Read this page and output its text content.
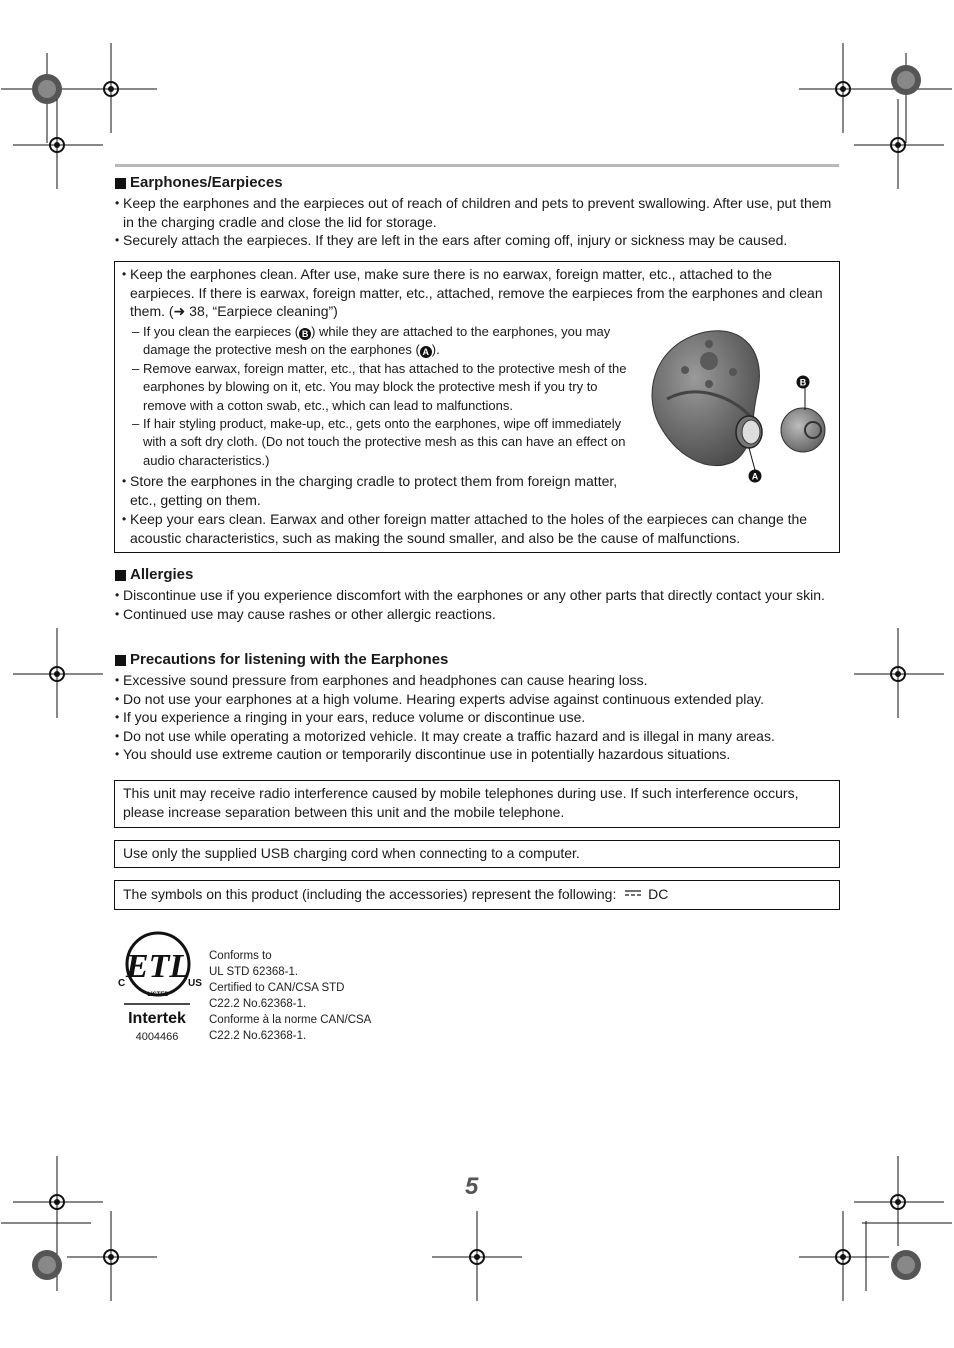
Earphones/Earpieces
• Keep the earphones and the earpieces out of reach of children and pets to prevent swallowing. After use, put them in the charging cradle and close the lid for storage.
• Securely attach the earpieces. If they are left in the ears after coming off, injury or sickness may be caused.
• Keep the earphones clean. After use, make sure there is no earwax, foreign matter, etc., attached to the earpieces. If there is earwax, foreign matter, etc., attached, remove the earpieces from the earphones and clean them. (➜ 38, “Earpiece cleaning”)
– If you clean the earpieces ( B ) while they are attached to the earphones, you may damage the protective mesh on the earphones ( A ).
– Remove earwax, foreign matter, etc., that has attached to the protective mesh of the earphones by blowing on it, etc. You may block the protective mesh if you try to remove with a cotton swab, etc., which can lead to malfunctions.
– If hair styling product, make-up, etc., gets onto the earphones, wipe off immediately with a soft dry cloth. (Do not touch the protective mesh as this can have an effect on audio characteristics.)
• Store the earphones in the charging cradle to protect them from foreign matter, etc., getting on them.
• Keep your ears clean. Earwax and other foreign matter attached to the holes of the earpieces can change the acoustic characteristics, such as making the sound smaller, and also be the cause of malfunctions.
A
B
Allergies
• Discontinue use if you experience discomfort with the earphones or any other parts that directly contact your skin.
• Continued use may cause rashes or other allergic reactions.
Precautions for listening with the Earphones
• Excessive sound pressure from earphones and headphones can cause hearing loss.
• Do not use your earphones at a high volume. Hearing experts advise against continuous extended play.
• If you experience a ringing in your ears, reduce volume or discontinue use.
• Do not use while operating a motorized vehicle. It may create a traffic hazard and is illegal in many areas.
• You should use extreme caution or temporarily discontinue use in potentially hazardous situations.
This unit may receive radio interference caused by mobile telephones during use. If such interference occurs, please increase separation between this unit and the mobile telephone.
Use only the supplied USB charging cord when connecting to a computer.
The symbols on this product (including the accessories) represent the following: DC
ETL
LISTED
C	US
Intertek
4004466
Conforms to
UL STD 62368-1.
Certified to CAN/CSA STD
C22.2 No.62368-1.
Conforme à la norme CAN/CSA
C22.2 No.62368-1.
5
